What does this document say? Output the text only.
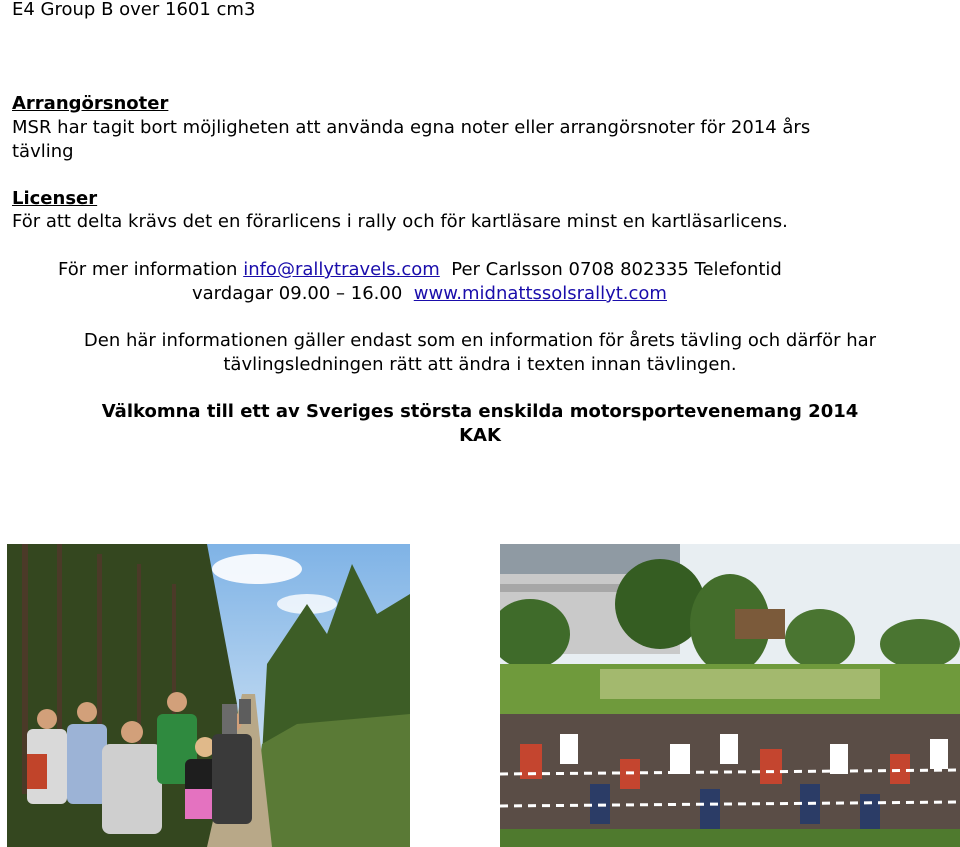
E4 Group B over 1601 cm3
Arrangörsnoter
MSR har tagit bort möjligheten att använda egna noter eller arrangörsnoter för 2014 års
tävling
Licenser
För att delta krävs det en förarlicens i rally och för kartläsare minst en kartläsarlicens.
För mer information info@rallytravels.com  Per Carlsson 0708 802335 Telefontid
vardagar 09.00 – 16.00  www.midnattssolsrallyt.com
Den här informationen gäller endast som en information för årets tävling och därför har
tävlingsledningen rätt att ändra i texten innan tävlingen.
Välkomna till ett av Sveriges största enskilda motorsportevenemang 2014
KAK
